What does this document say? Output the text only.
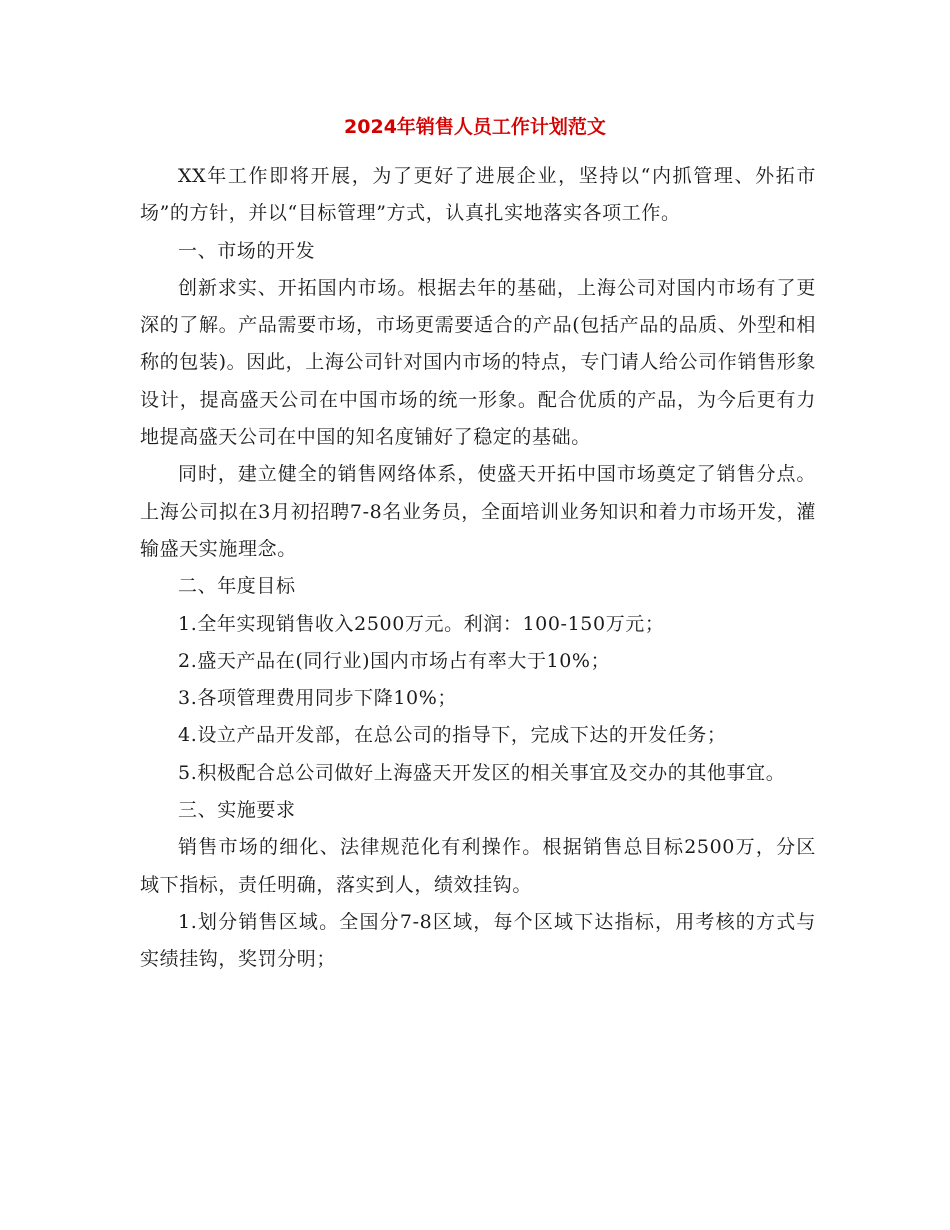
2024年销售人员工作计划范文

XX年工作即将开展，为了更好了进展企业，坚持以“内抓管理、外拓市场”的方针，并以“目标管理”方式，认真扎实地落实各项工作。

一、市场的开发

创新求实、开拓国内市场。根据去年的基础，上海公司对国内市场有了更深的了解。产品需要市场，市场更需要适合的产品(包括产品的品质、外型和相称的包装)。因此，上海公司针对国内市场的特点，专门请人给公司作销售形象设计，提高盛天公司在中国市场的统一形象。配合优质的产品，为今后更有力地提高盛天公司在中国的知名度铺好了稳定的基础。

同时，建立健全的销售网络体系，使盛天开拓中国市场奠定了销售分点。上海公司拟在3月初招聘7-8名业务员，全面培训业务知识和着力市场开发，灌输盛天实施理念。

二、年度目标

1.全年实现销售收入2500万元。利润：100-150万元；

2.盛天产品在(同行业)国内市场占有率大于10%；

3.各项管理费用同步下降10%；

4.设立产品开发部，在总公司的指导下，完成下达的开发任务；

5.积极配合总公司做好上海盛天开发区的相关事宜及交办的其他事宜。

三、实施要求

销售市场的细化、法律规范化有利操作。根据销售总目标2500万，分区域下指标，责任明确，落实到人，绩效挂钩。

1.划分销售区域。全国分7-8区域，每个区域下达指标，用考核的方式与实绩挂钩，奖罚分明；
